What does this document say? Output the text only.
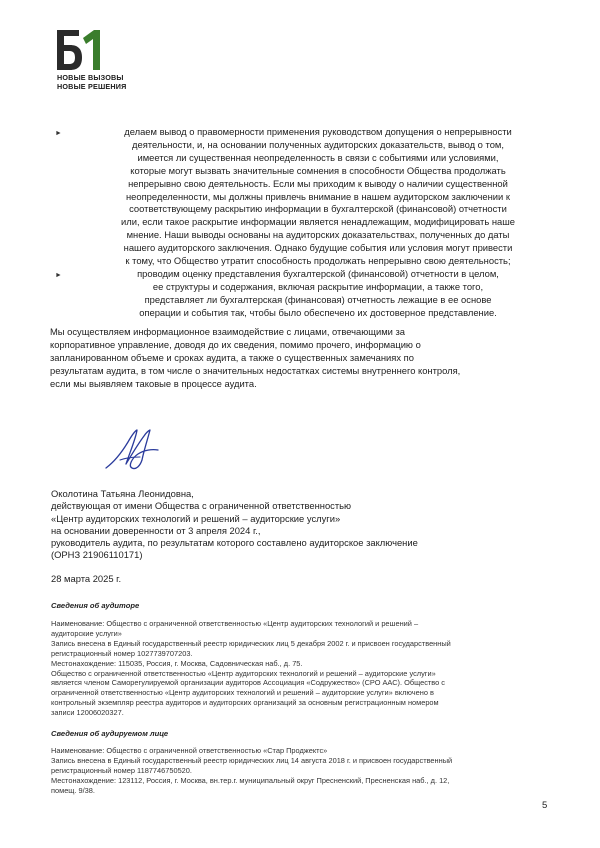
НОВЫЕ ВЫЗОВЫ
НОВЫЕ РЕШЕНИЯ
►	делаем вывод о правомерности применения руководством допущения о непрерывности
деятельности, и, на основании полученных аудиторских доказательств, вывод о том,
имеется ли существенная неопределенность в связи с событиями или условиями,
которые могут вызвать значительные сомнения в способности Общества продолжать
непрерывно свою деятельность. Если мы приходим к выводу о наличии существенной
неопределенности, мы должны привлечь внимание в нашем аудиторском заключении к
соответствующему раскрытию информации в бухгалтерской (финансовой) отчетности
или, если такое раскрытие информации является ненадлежащим, модифицировать наше
мнение. Наши выводы основаны на аудиторских доказательствах, полученных до даты
нашего аудиторского заключения. Однако будущие события или условия могут привести
к тому, что Общество утратит способность продолжать непрерывно свою деятельность;
►	проводим оценку представления бухгалтерской (финансовой) отчетности в целом,
ее структуры и содержания, включая раскрытие информации, а также того,
представляет ли бухгалтерская (финансовая) отчетность лежащие в ее основе
операции и события так, чтобы было обеспечено их достоверное представление.
Мы осуществляем информационное взаимодействие с лицами, отвечающими за
корпоративное управление, доводя до их сведения, помимо прочего, информацию о
запланированном объеме и сроках аудита, а также о существенных замечаниях по
результатам аудита, в том числе о значительных недостатках системы внутреннего контроля,
если мы выявляем таковые в процессе аудита.
Околотина Татьяна Леонидовна,
действующая от имени Общества с ограниченной ответственностью
«Центр аудиторских технологий и решений – аудиторские услуги»
на основании доверенности от 3 апреля 2024 г.,
руководитель аудита, по результатам которого составлено аудиторское заключение
(ОРНЗ 21906110171)
28 марта 2025 г.
Сведения об аудиторе
Наименование: Общество с ограниченной ответственностью «Центр аудиторских технологий и решений –
аудиторские услуги»
Запись внесена в Единый государственный реестр юридических лиц 5 декабря 2002 г. и присвоен государственный
регистрационный номер 1027739707203.
Местонахождение: 115035, Россия, г. Москва, Садовническая наб., д. 75.
Общество с ограниченной ответственностью «Центр аудиторских технологий и решений – аудиторские услуги»
является членом Саморегулируемой организации аудиторов Ассоциация «Содружество» (СРО ААС). Общество с
ограниченной ответственностью «Центр аудиторских технологий и решений – аудиторские услуги» включено в
контрольный экземпляр реестра аудиторов и аудиторских организаций за основным регистрационным номером
записи 12006020327.
Сведения об аудируемом лице
Наименование: Общество с ограниченной ответственностью «Стар Проджектс»
Запись внесена в Единый государственный реестр юридических лиц 14 августа 2018 г. и присвоен государственный
регистрационный номер 1187746750520.
Местонахождение: 123112, Россия, г. Москва, вн.тер.г. муниципальный округ Пресненский, Пресненская наб., д. 12,
помещ. 9/38.
5
